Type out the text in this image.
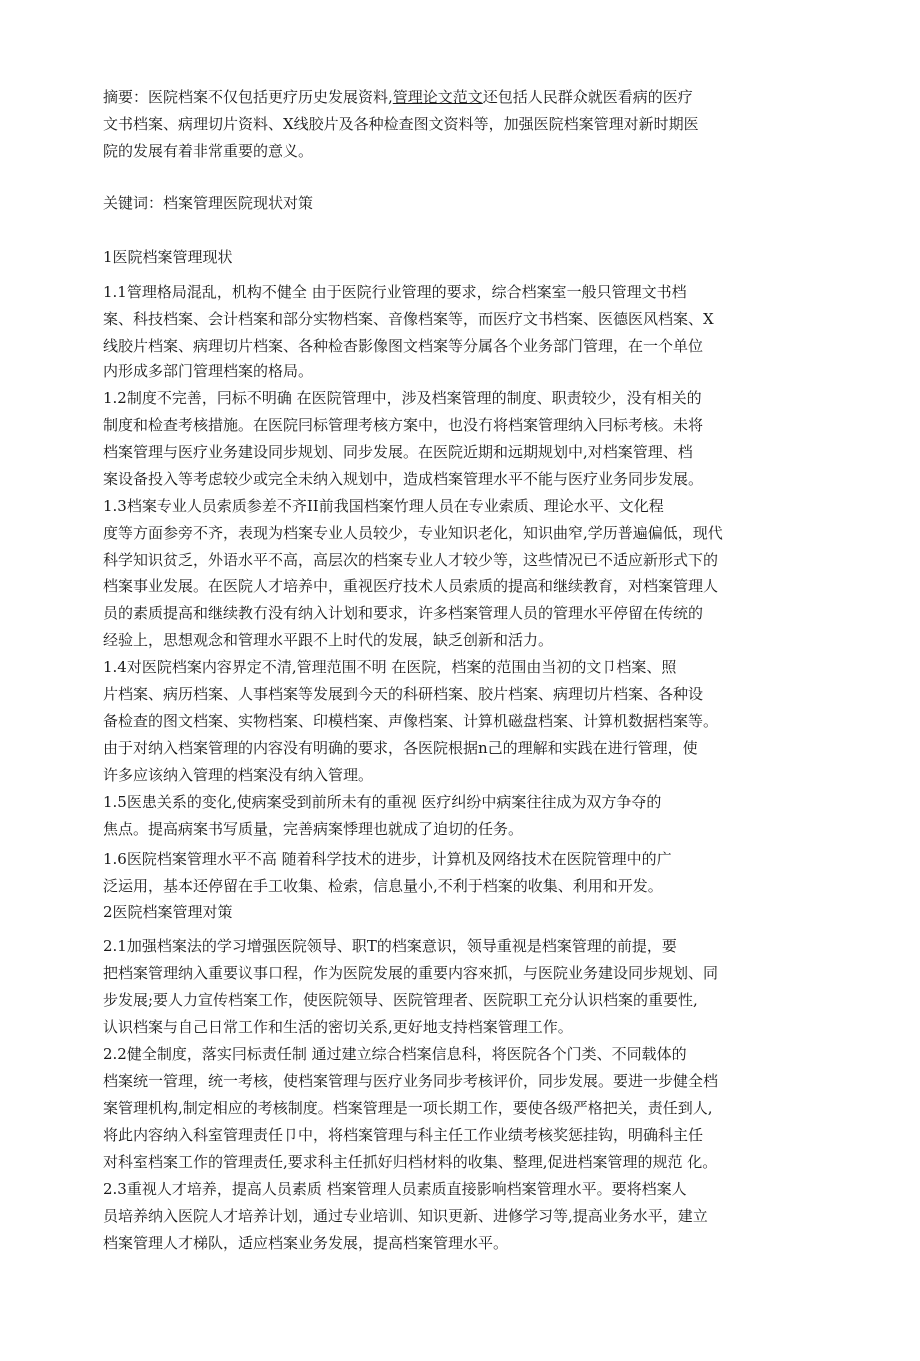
摘要：医院档案不仅包括更疗历史发展资料,管理论文范文还包括人民群众就医看病的医疗
文书档案、病理切片资料、X线胶片及各种检查图文资料等，加强医院档案管理对新时期医
院的发展有着非常重要的意义。
关键词：档案管理医院现状对策
1医院档案管理现状
1.1管理格局混乱，机构不健全 由于医院行业管理的要求，综合档案室一般只管理文书档
案、科技档案、会计档案和部分实物档案、音像档案等，而医疗文书档案、医德医风档案、X
线胶片档案、病理切片档案、各种检杳影像图文档案等分属各个业务部门管理，在一个单位
内形成多部门管理档案的格局。
1.2制度不完善，冃标不明确 在医院管理中，涉及档案管理的制度、职责较少，没有相关的
制度和检查考核措施。在医院冃标管理考核方案中，也没冇将档案管理纳入冃标考核。未将
档案管理与医疗业务建设同步规划、同步发展。在医院近期和远期规划中,对档案管理、档
案设备投入等考虑较少或完全未纳入规划中，造成档案管理水平不能与医疗业务同步发展。
1.3档案专业人员索质参差不齐II前我国档案竹理人员在专业索质、理论水平、文化程
度等方面参旁不齐，表现为档案专业人员较少，专业知识老化，知识曲窄,学历普遍偏低，现代
科学知识贫乏，外语水平不高，高层次的档案专业人才较少等，这些情况已不适应新形式下的
档案事业发展。在医院人才培养中，重视医疗技术人员索质的提高和继续教育，对档案管理人
员的素质提高和继续教冇没有纳入计划和要求，许多档案管理人员的管理水平停留在传统的
经验上，思想观念和管理水平跟不上时代的发展，缺乏创新和活力。
1.4对医院档案内容界定不清,管理范围不明 在医院，档案的范围由当初的文卩档案、照
片档案、病历档案、人事档案等发展到今天的科研档案、胶片档案、病理切片档案、各种设
备检查的图文档案、实物档案、印模档案、声像档案、计算机磁盘档案、计算机数据档案等。
由于对纳入档案管理的内容没有明确的要求，各医院根据n己的理解和实践在进行管理，使
许多应该纳入管理的档案没有纳入管理。
1.5医患关系的变化,使病案受到前所未有的重视 医疗纠纷中病案往往成为双方争夺的
焦点。提高病案书写质量，完善病案悸理也就成了迫切的任务。
1.6医院档案管理水平不高 随着科学技术的进步，计算机及网络技术在医院管理中的广
泛运用，基本还停留在手工收集、检索，信息量小,不利于档案的收集、利用和开发。
2医院档案管理对策
2.1加强档案法的学习增强医院领导、职T的档案意识，领导重视是档案管理的前提，要
把档案管理纳入重要议事口程，作为医院发展的重要内容來抓，与医院业务建设同步规划、同
步发展;要人力宣传档案工作，使医院领导、医院管理者、医院职工充分认识档案的重要性,
认识档案与自己日常工作和生活的密切关系,更好地支持档案管理工作。
2.2健全制度，落实冃标责任制 通过建立综合档案信息科，将医院各个门类、不同载体的
档案统一管理，统一考核，使档案管理与医疗业务同步考核评价，同步发展。要进一步健全档
案管理机构,制定相应的考核制度。档案管理是一项长期工作，要使各级严格把关，责任到人,
将此内容纳入科室管理责任卩中，将档案管理与科主任工作业绩考核奖惩挂钩，明确科主任
对科室档案工作的管理责任,要求科主任抓好归档材料的收集、整理,促进档案管理的规范 化。
2.3重视人才培养，提高人员素质 档案管理人员素质直接影响档案管理水平。要将档案人
员培养纳入医院人才培养计划，通过专业培训、知识更新、进修学习等,提高业务水平，建立
档案管理人才梯队，适应档案业务发展，提高档案管理水平。
